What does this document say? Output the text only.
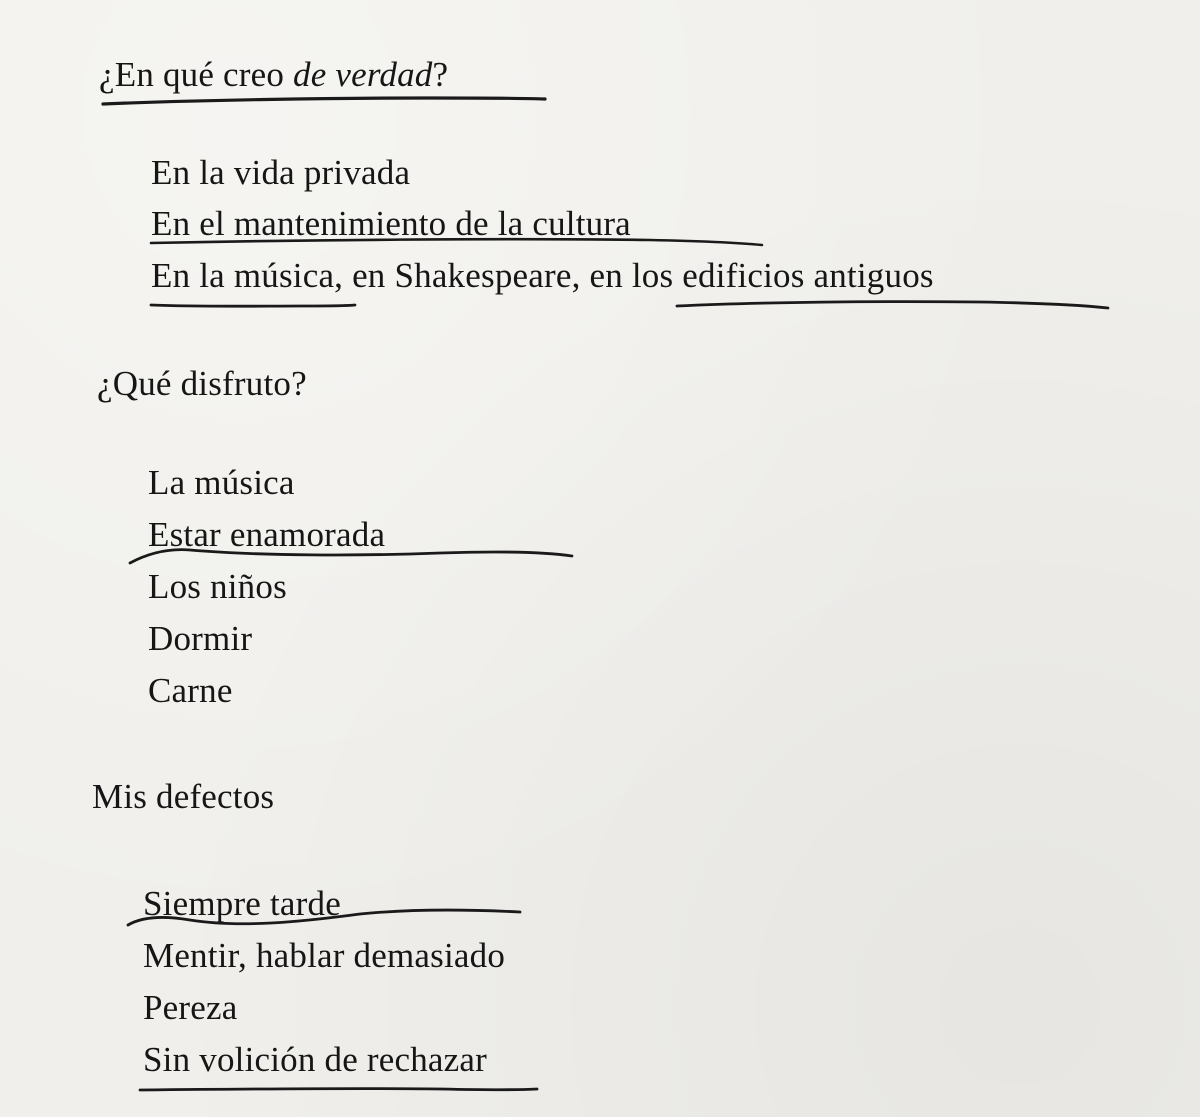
¿En qué creo de verdad?
En la vida privada
En el mantenimiento de la cultura
En la música, en Shakespeare, en los edificios antiguos
¿Qué disfruto?
La música
Estar enamorada
Los niños
Dormir
Carne
Mis defectos
Siempre tarde
Mentir, hablar demasiado
Pereza
Sin volición de rechazar
